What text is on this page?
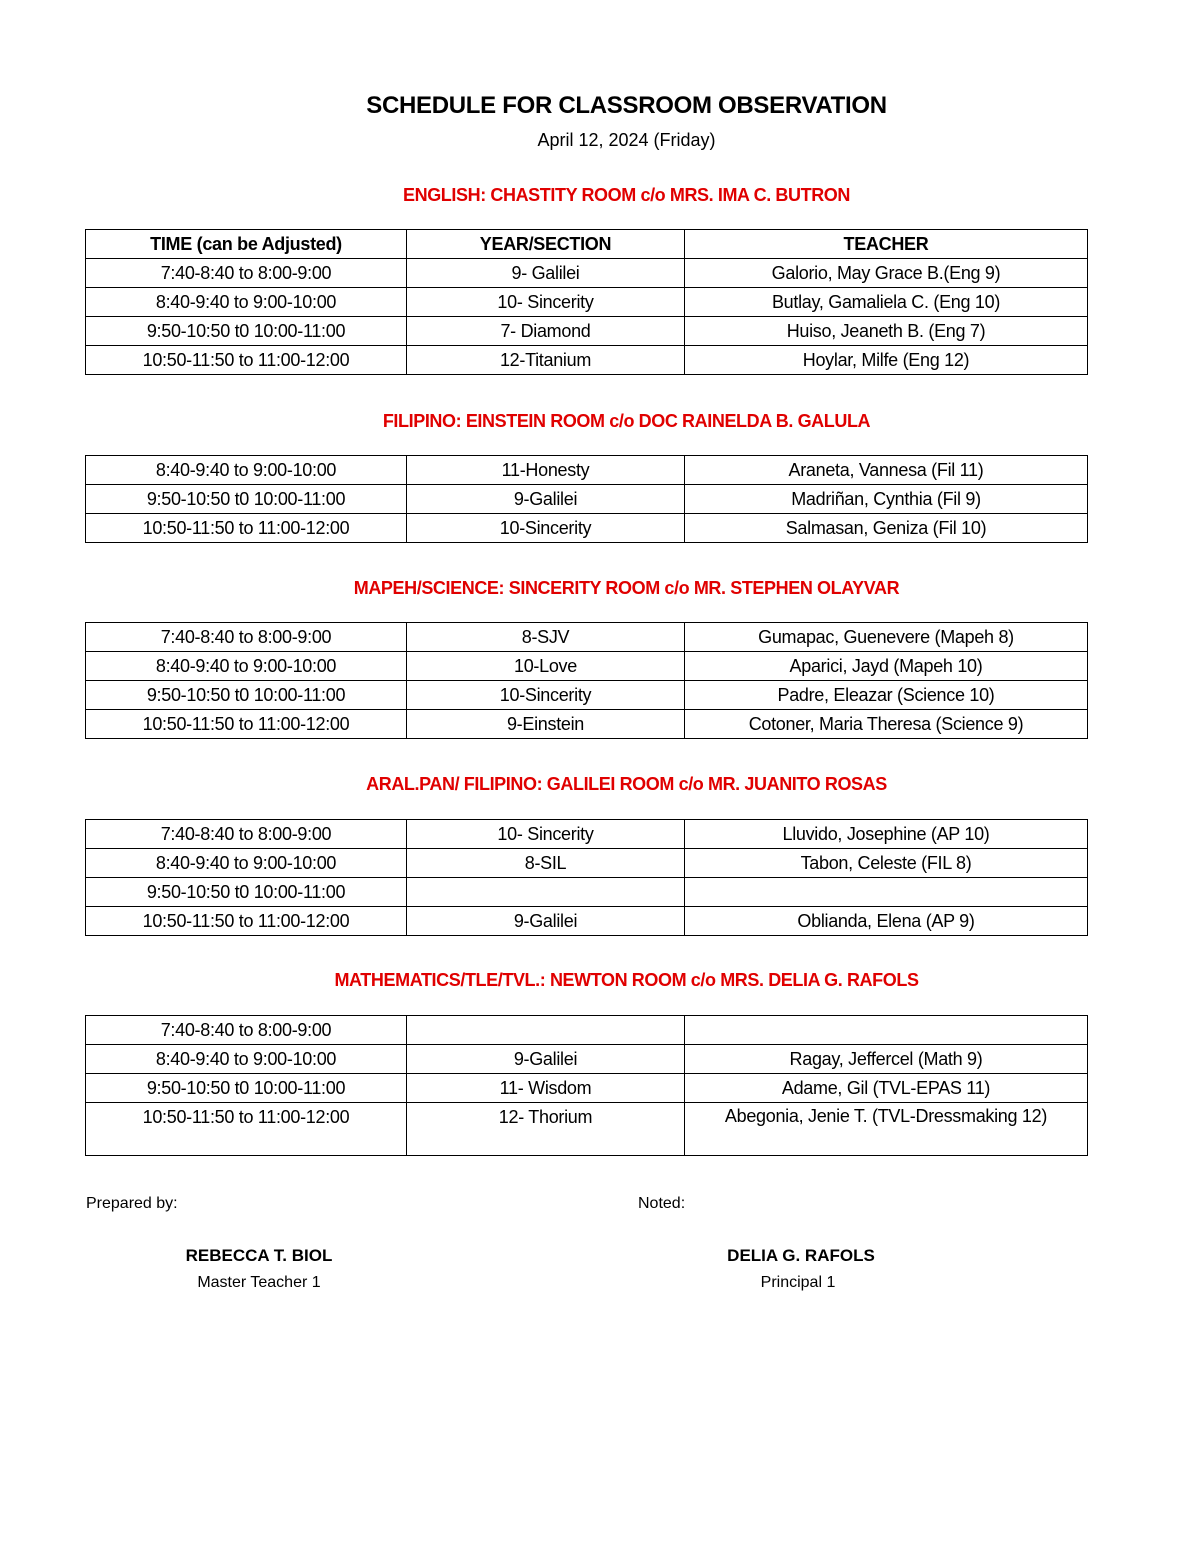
SCHEDULE FOR CLASSROOM OBSERVATION
April 12, 2024 (Friday)
ENGLISH: CHASTITY ROOM c/o MRS. IMA C. BUTRON
TIME (can be Adjusted)	YEAR/SECTION	TEACHER
7:40-8:40 to 8:00-9:00	9- Galilei	Galorio, May Grace B.(Eng 9)
8:40-9:40 to 9:00-10:00	10- Sincerity	Butlay, Gamaliela C. (Eng 10)
9:50-10:50 t0 10:00-11:00	7- Diamond	Huiso, Jeaneth B. (Eng 7)
10:50-11:50 to 11:00-12:00	12-Titanium	Hoylar, Milfe (Eng 12)
FILIPINO: EINSTEIN ROOM c/o DOC RAINELDA B. GALULA
8:40-9:40 to 9:00-10:00	11-Honesty	Araneta, Vannesa (Fil 11)
9:50-10:50 t0 10:00-11:00	9-Galilei	Madriñan, Cynthia (Fil 9)
10:50-11:50 to 11:00-12:00	10-Sincerity	Salmasan, Geniza (Fil 10)
MAPEH/SCIENCE: SINCERITY ROOM c/o MR. STEPHEN OLAYVAR
7:40-8:40 to 8:00-9:00	8-SJV	Gumapac, Guenevere (Mapeh 8)
8:40-9:40 to 9:00-10:00	10-Love	Aparici, Jayd (Mapeh 10)
9:50-10:50 t0 10:00-11:00	10-Sincerity	Padre, Eleazar (Science 10)
10:50-11:50 to 11:00-12:00	9-Einstein	Cotoner, Maria Theresa (Science 9)
ARAL.PAN/ FILIPINO: GALILEI ROOM c/o MR. JUANITO ROSAS
7:40-8:40 to 8:00-9:00	10- Sincerity	Lluvido, Josephine (AP 10)
8:40-9:40 to 9:00-10:00	8-SIL	Tabon, Celeste (FIL 8)
9:50-10:50 t0 10:00-11:00		
10:50-11:50 to 11:00-12:00	9-Galilei	Oblianda, Elena (AP 9)
MATHEMATICS/TLE/TVL.: NEWTON ROOM c/o MRS. DELIA G. RAFOLS
7:40-8:40 to 8:00-9:00		
8:40-9:40 to 9:00-10:00	9-Galilei	Ragay, Jeffercel (Math 9)
9:50-10:50 t0 10:00-11:00	11- Wisdom	Adame, Gil (TVL-EPAS 11)
10:50-11:50 to 11:00-12:00	12- Thorium	Abegonia, Jenie T. (TVL-Dressmaking 12)
Prepared by:	Noted:
REBECCA T. BIOL
Master Teacher 1
DELIA G. RAFOLS
Principal 1
